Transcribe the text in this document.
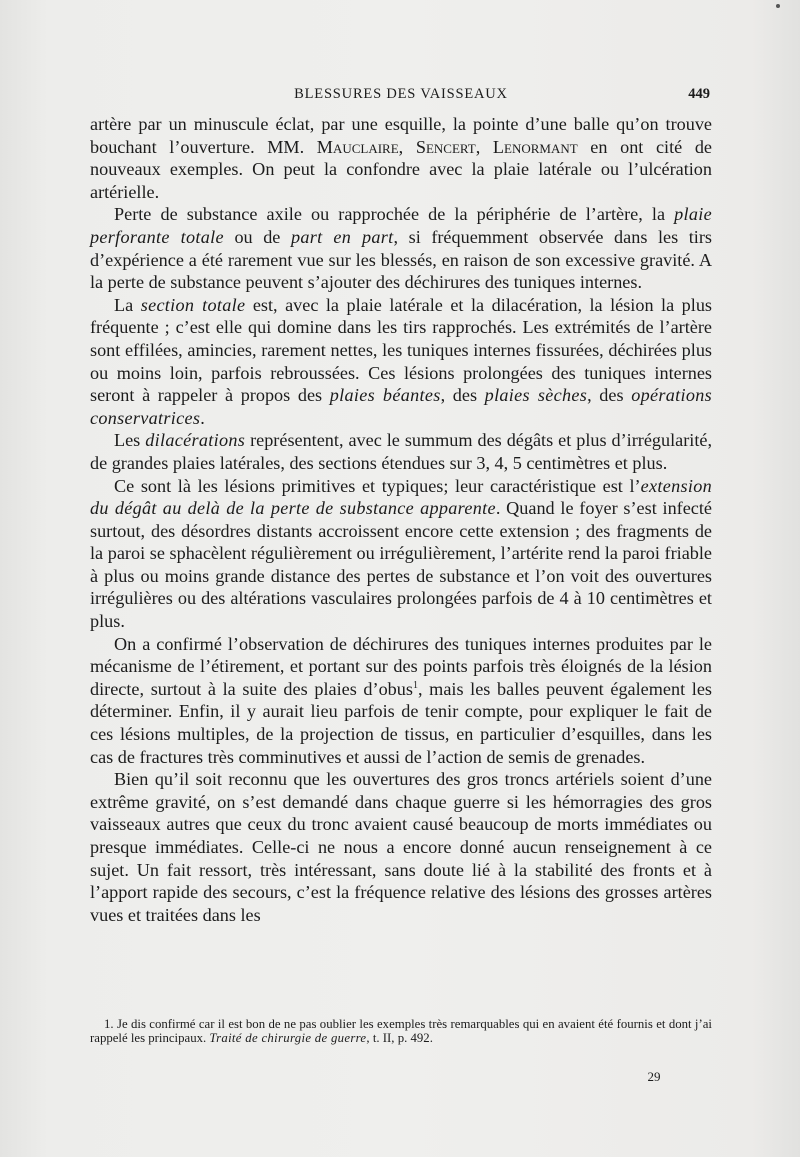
BLESSURES DES VAISSEAUX	449

artère par un minuscule éclat, par une esquille, la pointe d’une balle qu’on trouve bouchant l’ouverture. MM. Mauclaire, Sencert, Lenormant en ont cité de nouveaux exemples. On peut la confondre avec la plaie latérale ou l’ulcération artérielle.

Perte de substance axile ou rapprochée de la périphérie de l’artère, la plaie perforante totale ou de part en part, si fréquemment observée dans les tirs d’expérience a été rarement vue sur les blessés, en raison de son excessive gravité. A la perte de substance peuvent s’ajouter des déchirures des tuniques internes.

La section totale est, avec la plaie latérale et la dilacération, la lésion la plus fréquente ; c’est elle qui domine dans les tirs rapprochés. Les extrémités de l’artère sont effilées, amincies, rarement nettes, les tuniques internes fissurées, déchirées plus ou moins loin, parfois rebroussées. Ces lésions prolongées des tuniques internes seront à rappeler à propos des plaies béantes, des plaies sèches, des opérations conservatrices.

Les dilacérations représentent, avec le summum des dégâts et plus d’irrégularité, de grandes plaies latérales, des sections étendues sur 3, 4, 5 centimètres et plus.

Ce sont là les lésions primitives et typiques; leur caractéristique est l’extension du dégât au delà de la perte de substance apparente. Quand le foyer s’est infecté surtout, des désordres distants accroissent encore cette extension ; des fragments de la paroi se sphacèlent régulièrement ou irrégulièrement, l’artérite rend la paroi friable à plus ou moins grande distance des pertes de substance et l’on voit des ouvertures irrégulières ou des altérations vasculaires prolongées parfois de 4 à 10 centimètres et plus.

On a confirmé l’observation de déchirures des tuniques internes produites par le mécanisme de l’étirement, et portant sur des points parfois très éloignés de la lésion directe, surtout à la suite des plaies d’obus$^1$, mais les balles peuvent également les déterminer. Enfin, il y aurait lieu parfois de tenir compte, pour expliquer le fait de ces lésions multiples, de la projection de tissus, en particulier d’esquilles, dans les cas de fractures très comminutives et aussi de l’action de semis de grenades.

Bien qu’il soit reconnu que les ouvertures des gros troncs artériels soient d’une extrême gravité, on s’est demandé dans chaque guerre si les hémorragies des gros vaisseaux autres que ceux du tronc avaient causé beaucoup de morts immédiates ou presque immédiates. Celle-ci ne nous a encore donné aucun renseignement à ce sujet. Un fait ressort, très intéressant, sans doute lié à la stabilité des fronts et à l’apport rapide des secours, c’est la fréquence relative des lésions des grosses artères vues et traitées dans les

1. Je dis confirmé car il est bon de ne pas oublier les exemples très remarquables qui en avaient été fournis et dont j’ai rappelé les principaux. Traité de chirurgie de guerre, t. II, p. 492.

29
